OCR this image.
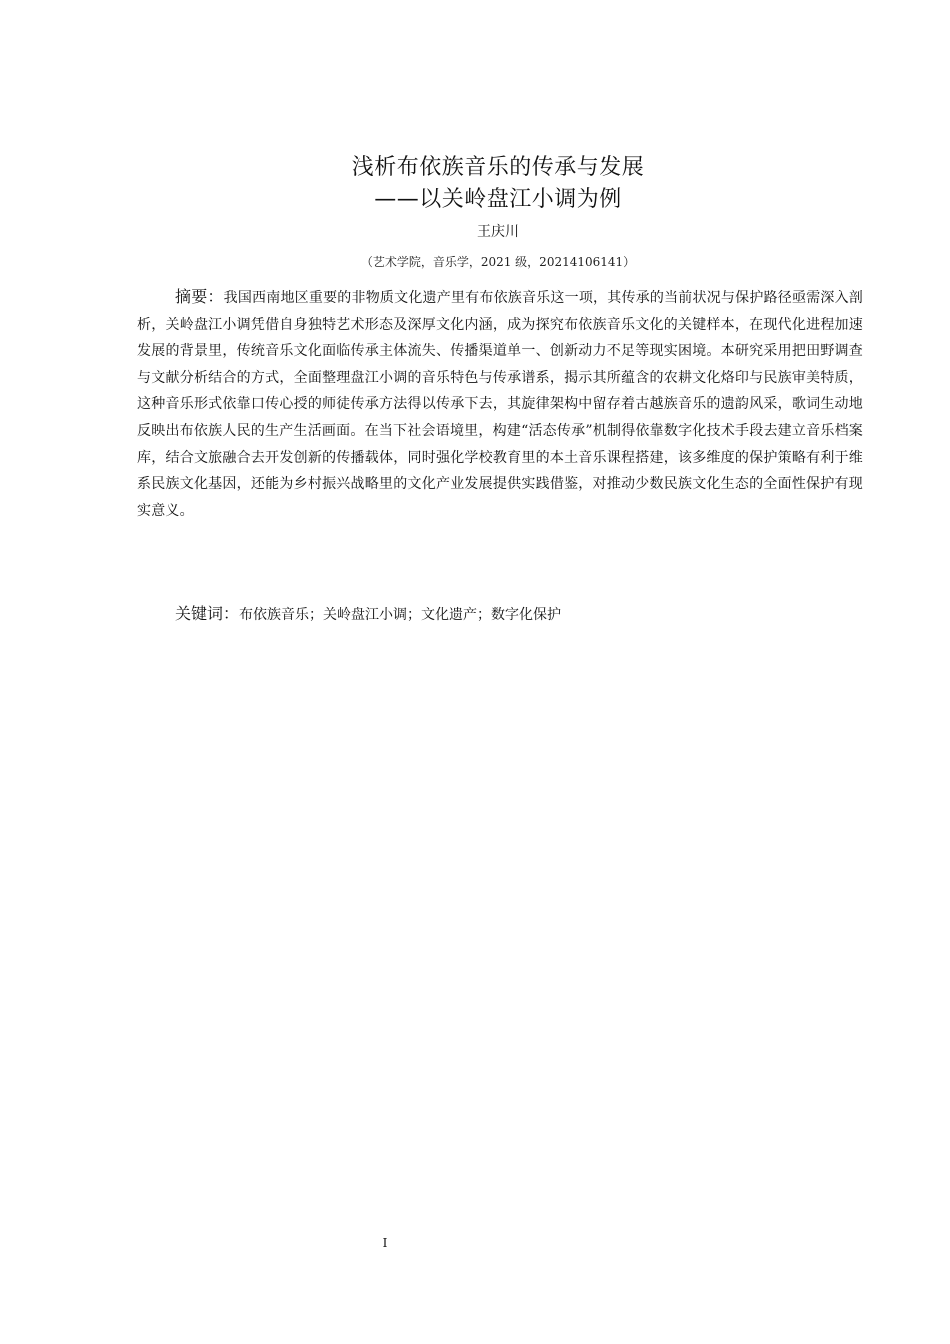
浅析布依族音乐的传承与发展
——以关岭盘江小调为例
王庆川
（艺术学院，音乐学，2021 级，20214106141）
摘要：我国西南地区重要的非物质文化遗产里有布依族音乐这一项，其传承的当前状况与保护路径亟需深入剖析，关岭盘江小调凭借自身独特艺术形态及深厚文化内涵，成为探究布依族音乐文化的关键样本，在现代化进程加速发展的背景里，传统音乐文化面临传承主体流失、传播渠道单一、创新动力不足等现实困境。本研究采用把田野调查与文献分析结合的方式，全面整理盘江小调的音乐特色与传承谱系，揭示其所蕴含的农耕文化烙印与民族审美特质，这种音乐形式依靠口传心授的师徒传承方法得以传承下去，其旋律架构中留存着古越族音乐的遗韵风采，歌词生动地反映出布依族人民的生产生活画面。在当下社会语境里，构建“活态传承”机制得依靠数字化技术手段去建立音乐档案库，结合文旅融合去开发创新的传播载体，同时强化学校教育里的本土音乐课程搭建，该多维度的保护策略有利于维系民族文化基因，还能为乡村振兴战略里的文化产业发展提供实践借鉴，对推动少数民族文化生态的全面性保护有现实意义。
关键词：布依族音乐；关岭盘江小调；文化遗产；数字化保护
I
